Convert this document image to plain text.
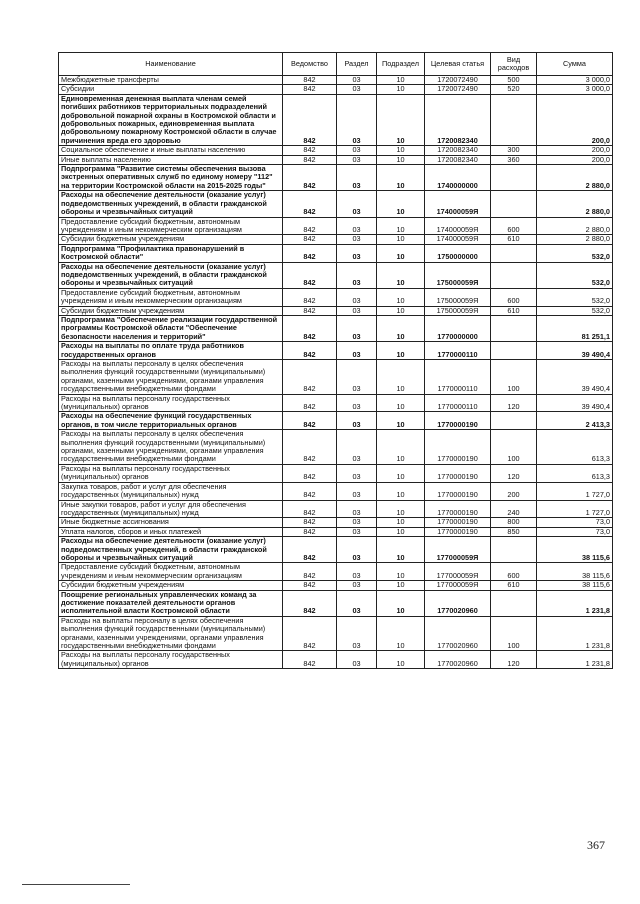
Наименование	Ведомство	Раздел	Подраздел	Целевая статья	Вид расходов	Сумма
Межбюджетные трансферты	842	03	10	1720072490	500	3 000,0
Субсидии	842	03	10	1720072490	520	3 000,0
Единовременная денежная выплата членам семей погибших работников территориальных подразделений добровольной пожарной охраны в Костромской области и добровольных пожарных, единовременная выплата добровольному пожарному Костромской области в случае причинения вреда его здоровью	842	03	10	1720082340		200,0
Социальное обеспечение и иные выплаты населению	842	03	10	1720082340	300	200,0
Иные выплаты населению	842	03	10	1720082340	360	200,0
Подпрограмма "Развитие системы обеспечения вызова экстренных оперативных служб по единому номеру "112" на территории Костромской области на 2015-2025 годы"	842	03	10	1740000000		2 880,0
Расходы на обеспечение деятельности (оказание услуг) подведомственных учреждений, в области гражданской обороны и чрезвычайных ситуаций	842	03	10	174000059Я		2 880,0
Предоставление субсидий бюджетным, автономным учреждениям и иным некоммерческим организациям	842	03	10	174000059Я	600	2 880,0
Субсидии бюджетным учреждениям	842	03	10	174000059Я	610	2 880,0
Подпрограмма "Профилактика правонарушений в Костромской области"	842	03	10	1750000000		532,0
Расходы на обеспечение деятельности (оказание услуг) подведомственных учреждений, в области гражданской обороны и чрезвычайных ситуаций	842	03	10	175000059Я		532,0
Предоставление субсидий бюджетным, автономным учреждениям и иным некоммерческим организациям	842	03	10	175000059Я	600	532,0
Субсидии бюджетным учреждениям	842	03	10	175000059Я	610	532,0
Подпрограмма "Обеспечение реализации государственной программы Костромской области "Обеспечение безопасности населения и территорий"	842	03	10	1770000000		81 251,1
Расходы на выплаты по оплате труда работников государственных органов	842	03	10	1770000110		39 490,4
Расходы на выплаты персоналу в целях обеспечения выполнения функций государственными (муниципальными) органами, казенными учреждениями, органами управления государственными внебюджетными фондами	842	03	10	1770000110	100	39 490,4
Расходы на выплаты персоналу государственных (муниципальных) органов	842	03	10	1770000110	120	39 490,4
Расходы на обеспечение функций государственных органов, в том числе территориальных органов	842	03	10	1770000190		2 413,3
Расходы на выплаты персоналу в целях обеспечения выполнения функций государственными (муниципальными) органами, казенными учреждениями, органами управления государственными внебюджетными фондами	842	03	10	1770000190	100	613,3
Расходы на выплаты персоналу государственных (муниципальных) органов	842	03	10	1770000190	120	613,3
Закупка товаров, работ и услуг для обеспечения государственных (муниципальных) нужд	842	03	10	1770000190	200	1 727,0
Иные закупки товаров, работ и услуг для обеспечения государственных (муниципальных) нужд	842	03	10	1770000190	240	1 727,0
Иные бюджетные ассигнования	842	03	10	1770000190	800	73,0
Уплата налогов, сборов и иных платежей	842	03	10	1770000190	850	73,0
Расходы на обеспечение деятельности (оказание услуг) подведомственных учреждений, в области гражданской обороны и чрезвычайных ситуаций	842	03	10	177000059Я		38 115,6
Предоставление субсидий бюджетным, автономным учреждениям и иным некоммерческим организациям	842	03	10	177000059Я	600	38 115,6
Субсидии бюджетным учреждениям	842	03	10	177000059Я	610	38 115,6
Поощрение региональных управленческих команд за достижение показателей деятельности органов исполнительной власти Костромской области	842	03	10	1770020960		1 231,8
Расходы на выплаты персоналу в целях обеспечения выполнения функций государственными (муниципальными) органами, казенными учреждениями, органами управления государственными внебюджетными фондами	842	03	10	1770020960	100	1 231,8
Расходы на выплаты персоналу государственных (муниципальных) органов	842	03	10	1770020960	120	1 231,8
367
